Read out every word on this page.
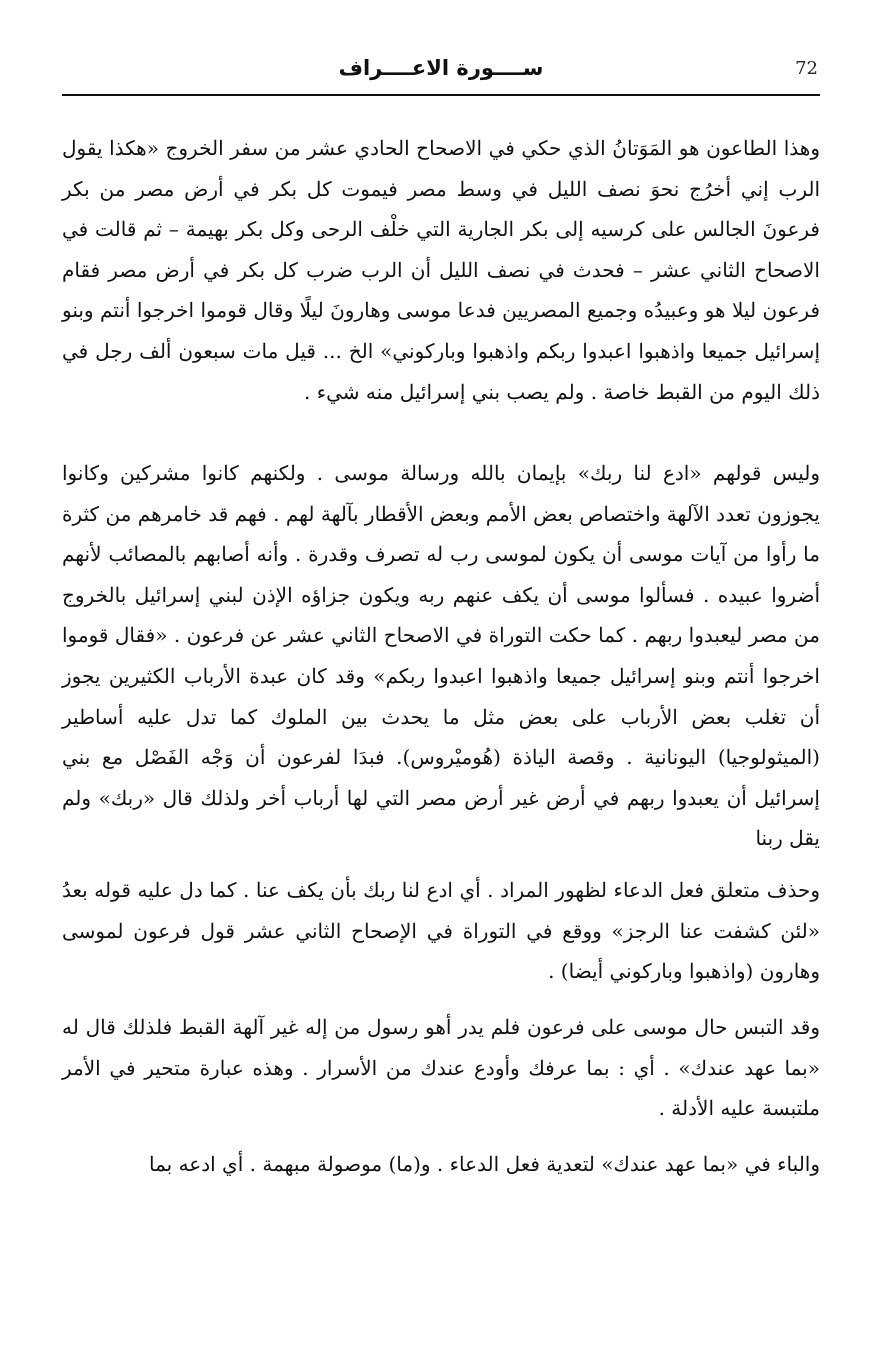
72
ســــورة الاعــــراف

وهذا الطاعون هو المَوَتانُ الذي حكي في الاصحاح الحادي عشر من سفر الخروج «هكذا يقول الرب إني أخرُج نحوَ نصف الليل في وسط مصر فيموت كل بكر في أرض مصر من بكر فرعونَ الجالس على كرسيه إلى بكر الجارية التي خلْف الرحى وكل بكر بهيمة – ثم قالت في الاصحاح الثاني عشر – فحدث في نصف الليل أن الرب ضرب كل بكر في أرض مصر فقام فرعون ليلا هو وعبيدُه وجميع المصريين فدعا موسى وهارونَ ليلًا وقال قوموا اخرجوا أنتم وبنو إسرائيل جميعا واذهبوا اعبدوا ربكم واذهبوا وباركوني» الخ ... قيل مات سبعون ألف رجل في ذلك اليوم من القبط خاصة . ولم يصب بني إسرائيل منه شيء .

وليس قولهم «ادع لنا ربك» بإيمان بالله ورسالة موسى . ولكنهم كانوا مشركين وكانوا يجوزون تعدد الآلهة واختصاص بعض الأمم وبعض الأقطار بآلهة لهم . فهم قد خامرهم من كثرة ما رأوا من آيات موسى أن يكون لموسى رب له تصرف وقدرة . وأنه أصابهم بالمصائب لأنهم أضروا عبيده . فسألوا موسى أن يكف عنهم ربه ويكون جزاؤه الإذن لبني إسرائيل بالخروج من مصر ليعبدوا ربهم . كما حكت التوراة في الاصحاح الثاني عشر عن فرعون . «فقال قوموا اخرجوا أنتم وبنو إسرائيل جميعا واذهبوا اعبدوا ربكم» وقد كان عبدة الأرباب الكثيرين يجوز أن تغلب بعض الأرباب على بعض مثل ما يحدث بين الملوك كما تدل عليه أساطير (الميثولوجيا) اليونانية . وقصة الياذة (هُوميْروس). فبدَا لفرعون أن وَجْه الفَصْل مع بني إسرائيل أن يعبدوا ربهم في أرض غير أرض مصر التي لها أرباب أخر ولذلك قال «ربك» ولم يقل ربنا

وحذف متعلق فعل الدعاء لظهور المراد . أي ادع لنا ربك بأن يكف عنا . كما دل عليه قوله بعدُ «لئن كشفت عنا الرجز» ووقع في التوراة في الإصحاح الثاني عشر قول فرعون لموسى وهارون (واذهبوا وباركوني أيضا) .

وقد التبس حال موسى على فرعون فلم يدر أهو رسول من إله غير آلهة القبط فلذلك قال له «بما عهد عندك» . أي : بما عرفك وأودع عندك من الأسرار . وهذه عبارة متحير في الأمر ملتبسة عليه الأدلة .

والباء في «بما عهد عندك» لتعدية فعل الدعاء . و(ما) موصولة مبهمة . أي ادعه بما
